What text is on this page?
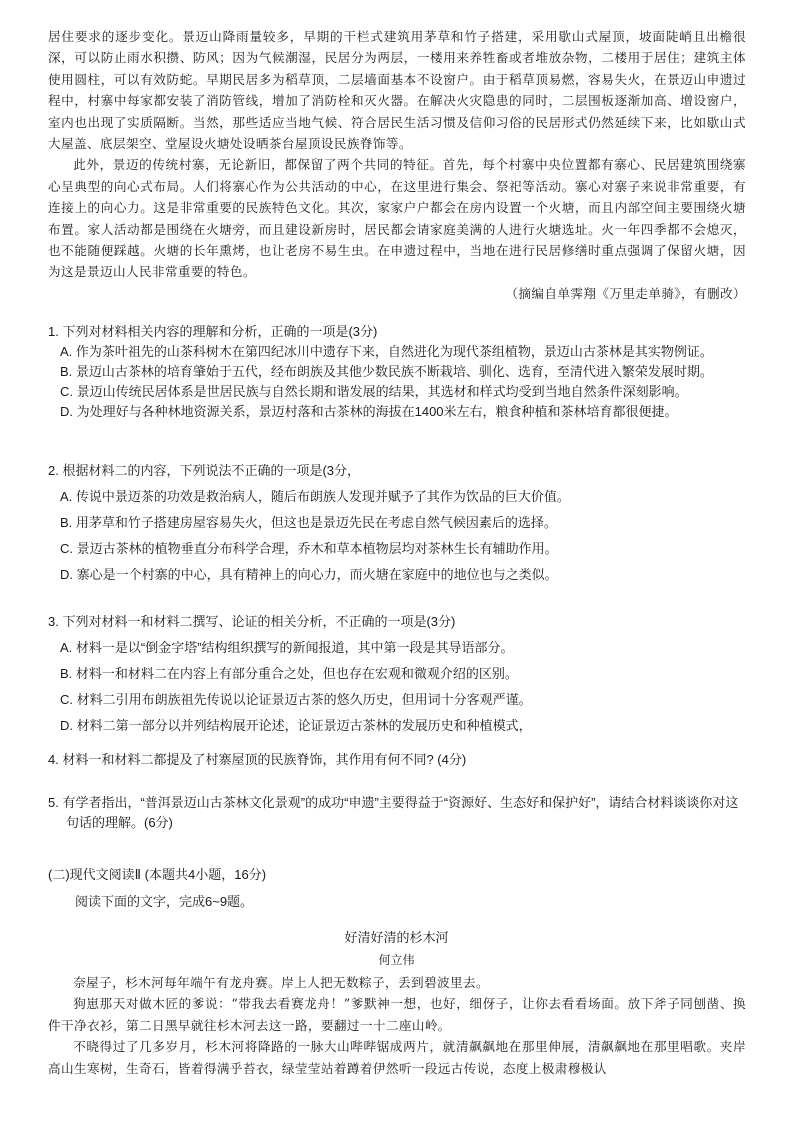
居住要求的逐步变化。景迈山降雨量较多，早期的干栏式建筑用茅草和竹子搭建，采用歇山式屋顶，坡面陡峭且出檐很深，可以防止雨水积攒、防风；因为气候潮湿，民居分为两层，一楼用来养牲畜或者堆放杂物，二楼用于居住；建筑主体使用圆柱，可以有效防蛇。早期民居多为稻草顶，二层墙面基本不设窗户。由于稻草顶易燃，容易失火，在景迈山申遗过程中，村寨中每家都安装了消防管线，增加了消防栓和灭火器。在解决火灾隐患的同时，二层围板逐渐加高、增设窗户，室内也出现了实质隔断。当然，那些适应当地气候、符合居民生活习惯及信仰习俗的民居形式仍然延续下来，比如歇山式大屋盖、底层架空、堂屋设火塘处设晒茶台屋顶设民族脊饰等。

此外，景迈的传统村寨，无论新旧，都保留了两个共同的特征。首先，每个村寨中央位置都有寨心、民居建筑围绕寨心呈典型的向心式布局。人们将寨心作为公共活动的中心，在这里进行集会、祭祀等活动。寨心对寨子来说非常重要，有连接上的向心力。这是非常重要的民族特色文化。其次，家家户户都会在房内设置一个火塘，而且内部空间主要围绕火塘布置。家人活动都是围绕在火塘旁，而且建设新房时，居民都会请家庭美满的人进行火塘选址。火一年四季都不会熄灭，也不能随便踩越。火塘的长年熏烤，也让老房不易生虫。在申遗过程中，当地在进行民居修缮时重点强调了保留火塘，因为这是景迈山人民非常重要的特色。

（摘编自单霁翔《万里走单骑》，有删改）

1. 下列对材料相关内容的理解和分析，正确的一项是(3分)

A. 作为茶叶祖先的山茶科树木在第四纪冰川中遗存下来，自然进化为现代茶组植物，景迈山古茶林是其实物例证。

B. 景迈山古茶林的培育肇始于五代，经布朗族及其他少数民族不断栽培、驯化、选育，至清代进入繁荣发展时期。

C. 景迈山传统民居体系是世居民族与自然长期和谐发展的结果，其选材和样式均受到当地自然条件深刻影响。

D. 为处理好与各种林地资源关系，景迈村落和古茶林的海拔在1400米左右，粮食种植和茶林培育都很便捷。

2. 根据材料二的内容，下列说法不正确的一项是(3分，

A. 传说中景迈茶的功效是救治病人，随后布朗族人发现并赋予了其作为饮品的巨大价值。

B. 用茅草和竹子搭建房屋容易失火，但这也是景迈先民在考虑自然气候因素后的选择。

C. 景迈古茶林的植物垂直分布科学合理，乔木和草本植物层均对茶林生长有辅助作用。

D. 寨心是一个村寨的中心，具有精神上的向心力，而火塘在家庭中的地位也与之类似。

3. 下列对材料一和材料二撰写、论证的相关分析，不正确的一项是(3分)

A. 材料一是以“倒金字塔”结构组织撰写的新闻报道，其中第一段是其导语部分。

B. 材料一和材料二在内容上有部分重合之处，但也存在宏观和微观介绍的区别。

C. 材料二引用布朗族祖先传说以论证景迈古茶的悠久历史，但用词十分客观严谨。

D. 材料二第一部分以并列结构展开论述，论证景迈古茶林的发展历史和种植模式，

4. 材料一和材料二都提及了村寨屋顶的民族脊饰，其作用有何不同? (4分)

5. 有学者指出，“普洱景迈山古茶林文化景观”的成功“申遗”主要得益于“资源好、生态好和保护好”，请结合材料谈谈你对这句话的理解。(6分)

(二)现代文阅读Ⅱ (本题共4小题，16分)
阅读下面的文字，完成6~9题。
好清好清的杉木河
何立伟

奈屋子，杉木河每年端午有龙舟赛。岸上人把无数粽子，丢到碧波里去。

狗崽那天对做木匠的爹说：“带我去看赛龙舟！”爹默神一想，也好，细伢子，让你去看看场面。放下斧子同刨凿、换件干净衣衫，第二日黑早就往杉木河去这一路，要翻过一十二座山岭。

不晓得过了几多岁月，杉木河将降路的一脉大山哔哔锯成两片，就清飙飙地在那里伸展，清飙飙地在那里唱歌。夹岸高山生寒树，生奇石，皆着得满乎苔衣，绿莹莹站着蹲着伊然听一段远古传说，态度上极肃穆极认
